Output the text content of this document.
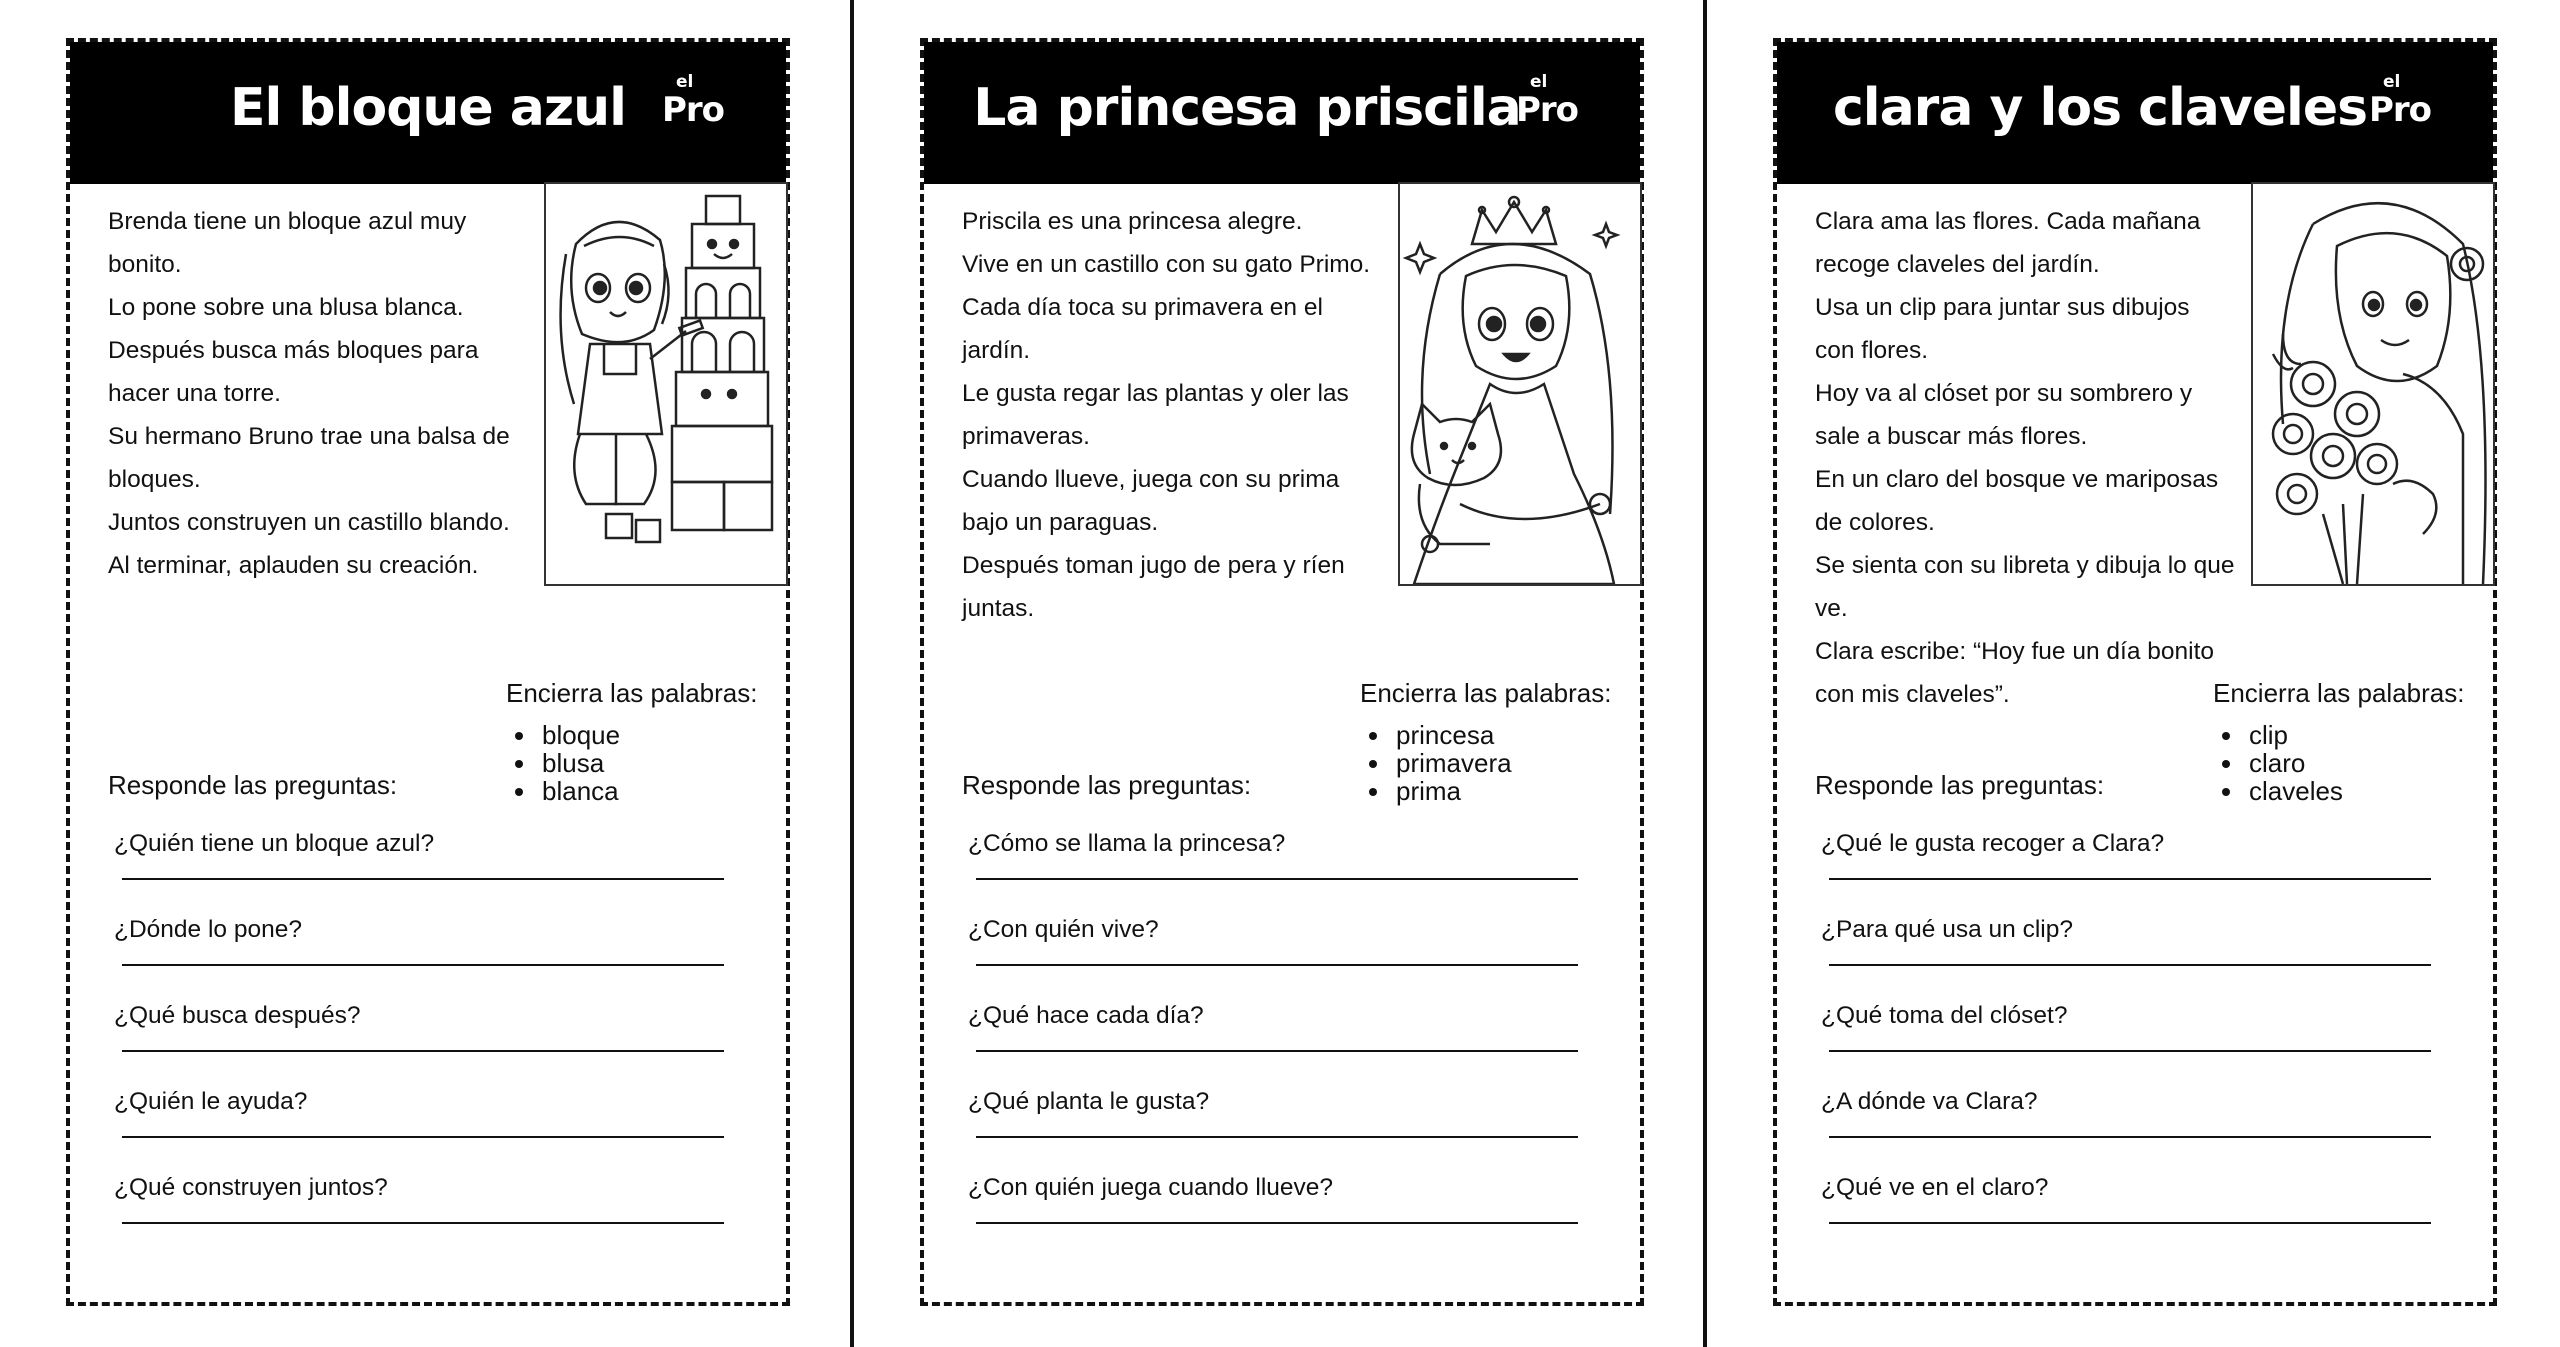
El bloque azul	el
Pro

Brenda tiene un bloque azul muy

bonito.

Lo pone sobre una blusa blanca.

Después busca más bloques para

hacer una torre.

Su hermano Bruno trae una balsa de

bloques.

Juntos construyen un castillo blando.

Al terminar, aplauden su creación.

Encierra las palabras:
• bloque
• blusa
• blanca
Responde las preguntas:
¿Quién tiene un bloque azul?
¿Dónde lo pone?
¿Qué busca después?
¿Quién le ayuda?
¿Qué construyen juntos?
La princesa priscila el
Pro

Priscila es una princesa alegre.

Vive en un castillo con su gato Primo.

Cada día toca su primavera en el

jardín.

Le gusta regar las plantas y oler las

primaveras.

Cuando llueve, juega con su prima

bajo un paraguas.

Después toman jugo de pera y ríen

juntas.

Encierra las palabras:
• princesa
• primavera
• prima
Responde las preguntas:
¿Cómo se llama la princesa?
¿Con quién vive?
¿Qué hace cada día?
¿Qué planta le gusta?
¿Con quién juega cuando llueve?
clara y los claveles el
Pro

Clara ama las flores. Cada mañana

recoge claveles del jardín.

Usa un clip para juntar sus dibujos

con flores.

Hoy va al clóset por su sombrero y

sale a buscar más flores.

En un claro del bosque ve mariposas

de colores.

Se sienta con su libreta y dibuja lo que

ve.

Clara escribe: “Hoy fue un día bonito

con mis claveles”.	Encierra las palabras:
• clip
• claro
• claveles
Responde las preguntas:
¿Qué le gusta recoger a Clara?
¿Para qué usa un clip?
¿Qué toma del clóset?
¿A dónde va Clara?
¿Qué ve en el claro?
